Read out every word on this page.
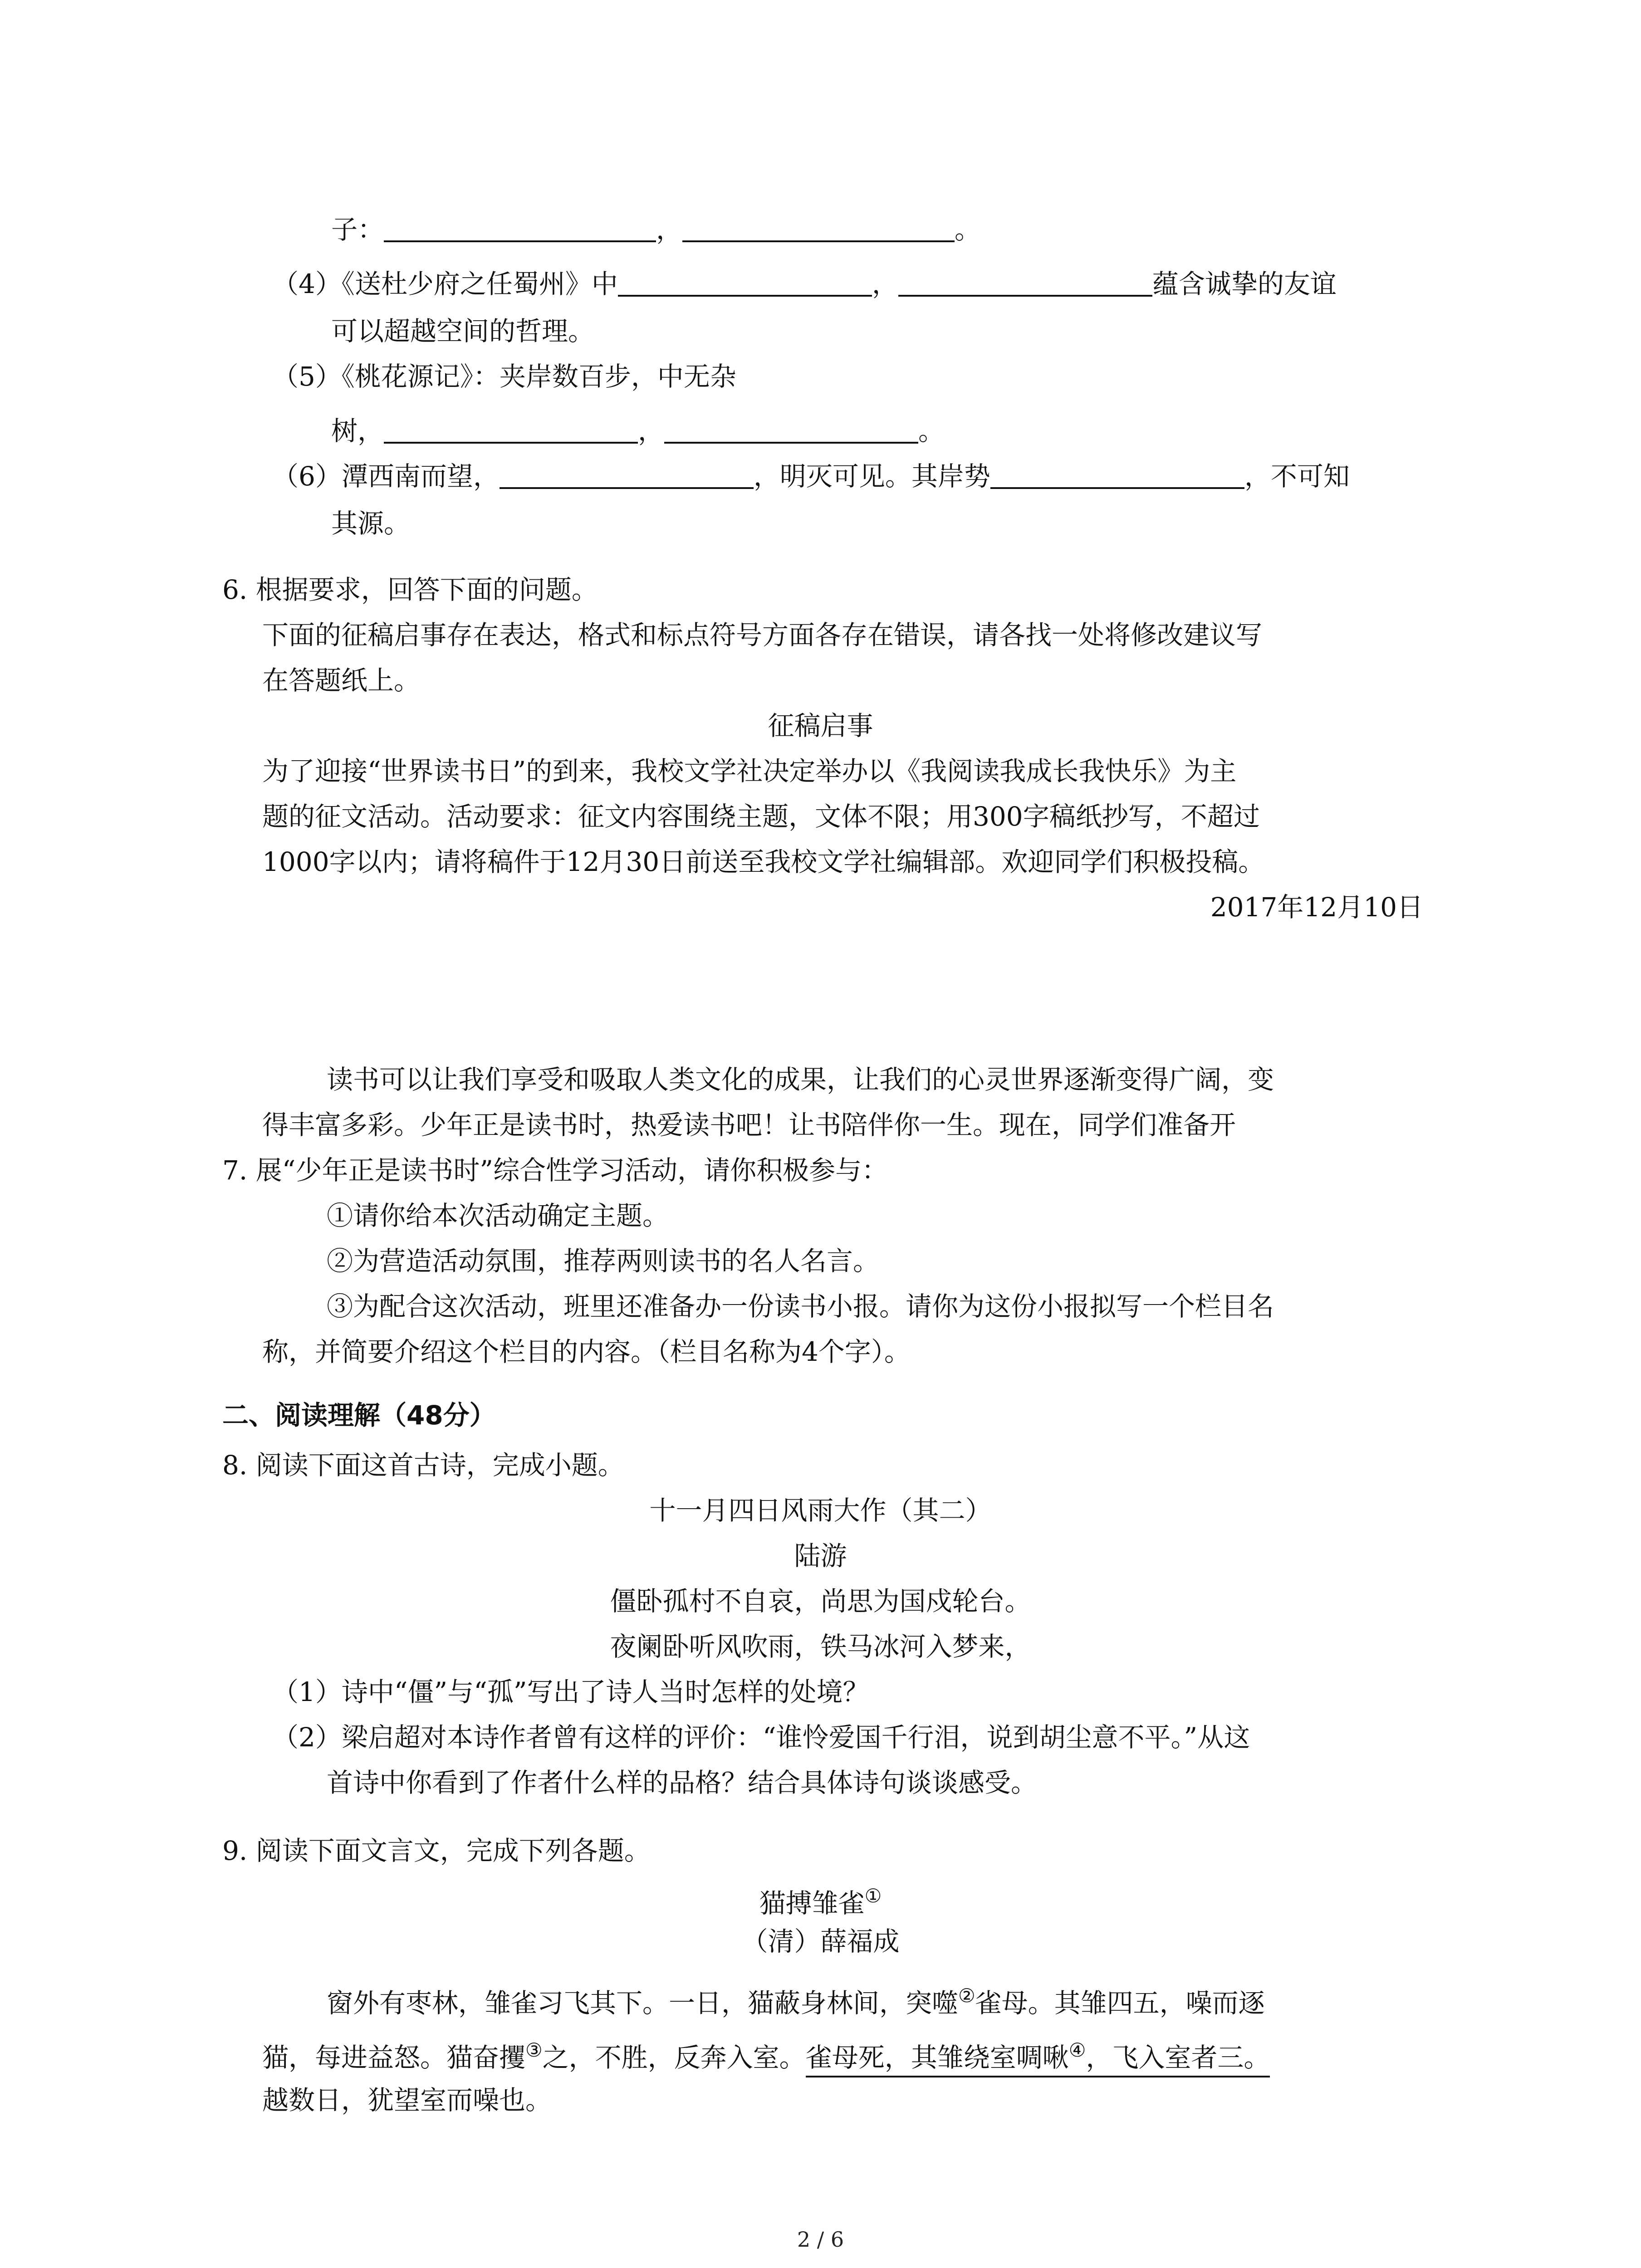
子：	，	。
（4）《送杜少府之任蜀州》中	，	蕴含诚挚的友谊
可以超越空间的哲理。
（5）《桃花源记》：夹岸数百步，中无杂
树，	，	。
（6）潭西南而望，	，明灭可见。其岸势	，不可知
其源。
6. 根据要求，回答下面的问题。
下面的征稿启事存在表达，格式和标点符号方面各存在错误，请各找一处将修改建议写
在答题纸上。
征稿启事
为了迎接“世界读书日”的到来，我校文学社决定举办以《我阅读我成长我快乐》为主
题的征文活动。活动要求：征文内容围绕主题，文体不限；用300字稿纸抄写，不超过
1000字以内；请将稿件于12月30日前送至我校文学社编辑部。欢迎同学们积极投稿。
2017年12月10日
读书可以让我们享受和吸取人类文化的成果，让我们的心灵世界逐渐变得广阔，变
得丰富多彩。少年正是读书时，热爱读书吧！让书陪伴你一生。现在，同学们准备开
7. 展“少年正是读书时”综合性学习活动，请你积极参与：
①请你给本次活动确定主题。
②为营造活动氛围，推荐两则读书的名人名言。
③为配合这次活动，班里还准备办一份读书小报。请你为这份小报拟写一个栏目名
称，并简要介绍这个栏目的内容。（栏目名称为4个字）。
二、阅读理解（48分）
8. 阅读下面这首古诗，完成小题。
十一月四日风雨大作（其二）
陆游
僵卧孤村不自哀，尚思为国戍轮台。
夜阑卧听风吹雨，铁马冰河入梦来，
（1）诗中“僵”与“孤”写出了诗人当时怎样的处境？
（2）梁启超对本诗作者曾有这样的评价：“谁怜爱国千行泪，说到胡尘意不平。”从这
首诗中你看到了作者什么样的品格？结合具体诗句谈谈感受。
9. 阅读下面文言文，完成下列各题。
猫搏雏雀①
（清）薛福成
窗外有枣林，雏雀习飞其下。一日，猫蔽身林间，突噬②雀母。其雏四五，噪而逐
猫，每进益怒。猫奋攫③之，不胜，反奔入室。雀母死，其雏绕室啁啾④，飞入室者三。
越数日，犹望室而噪也。
2 / 6
